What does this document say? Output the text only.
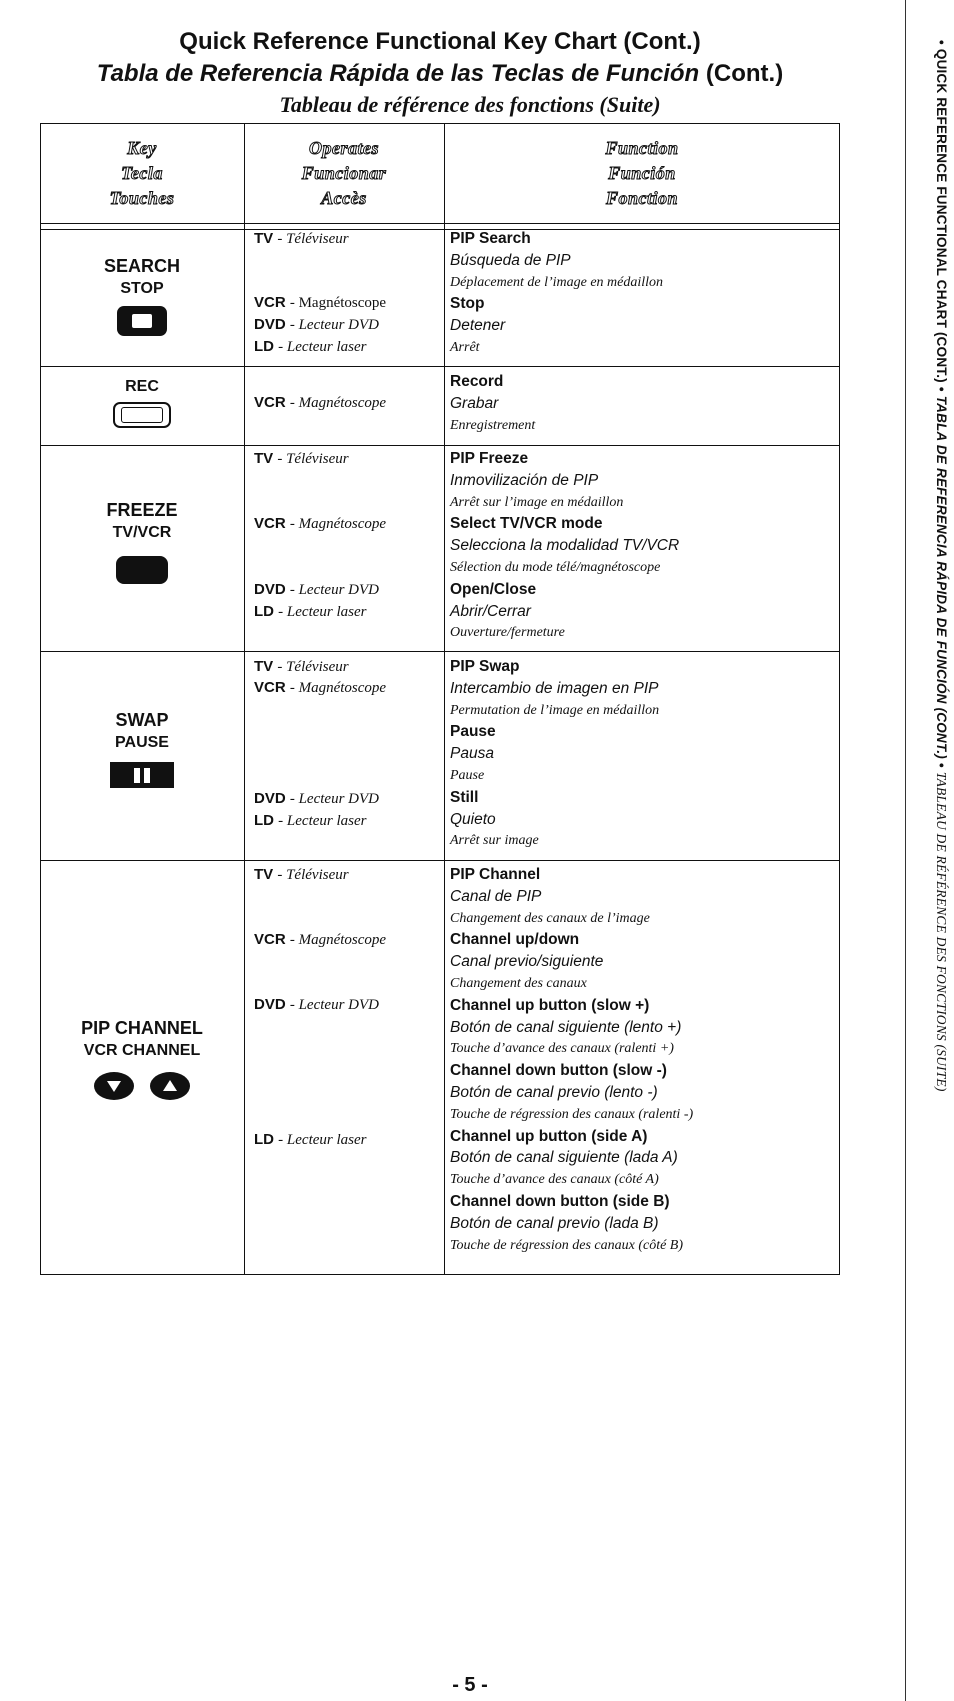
Quick Reference Functional Key Chart (Cont.)
Tabla de Referencia Rápida de las Teclas de Función (Cont.)
Tableau de référence des fonctions (Suite)
Key
Tecla
Touches
Operates
Funcionar
Accès
Function
Función
Fonction
SEARCH
STOP
TV - Téléviseur
VCR - Magnétoscope
DVD - Lecteur DVD
LD - Lecteur laser
PIP Search
Búsqueda de PIP
Déplacement de l’image en médaillon
Stop
Detener
Arrêt
REC
VCR - Magnétoscope
Record
Grabar
Enregistrement
FREEZE
TV/VCR
TV - Téléviseur
VCR - Magnétoscope
DVD - Lecteur DVD
LD - Lecteur laser
PIP Freeze
Inmovilización de PIP
Arrêt sur l’image en médaillon
Select TV/VCR mode
Selecciona la modalidad TV/VCR
Sélection du mode télé/magnétoscope
Open/Close
Abrir/Cerrar
Ouverture/fermeture
SWAP
PAUSE
TV - Téléviseur
VCR - Magnétoscope
DVD - Lecteur DVD
LD - Lecteur laser
PIP Swap
Intercambio de imagen en PIP
Permutation de l’image en médaillon
Pause
Pausa
Pause
Still
Quieto
Arrêt sur image
PIP CHANNEL
VCR CHANNEL
TV - Téléviseur
VCR - Magnétoscope
DVD - Lecteur DVD
LD - Lecteur laser
PIP Channel
Canal de PIP
Changement des canaux de l’image
Channel up/down
Canal previo/siguiente
Changement des canaux
Channel up button (slow +)
Botón de canal siguiente (lento +)
Touche d’avance des canaux (ralenti +)
Channel down button (slow -)
Botón de canal previo (lento -)
Touche de régression des canaux (ralenti -)
Channel up button (side A)
Botón de canal siguiente (lada A)
Touche d’avance des canaux (côté A)
Channel down button (side B)
Botón de canal previo (lada B)
Touche de régression des canaux (côté B)
• QUICK REFERENCE FUNCTIONAL CHART (CONT.) • TABLA DE REFERENCIA RÁPIDA DE FUNCIÓN (CONT.) • TABLEAU DE RÉFÉRENCE DES FONCTIONS (SUITE)
- 5 -
